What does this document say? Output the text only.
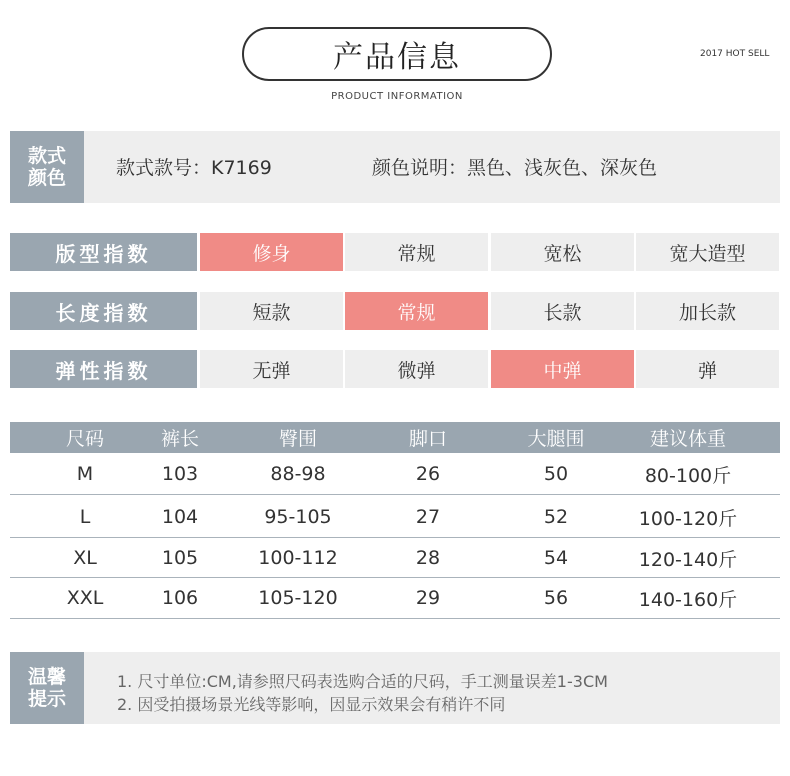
产品信息
PRODUCT INFORMATION
2017 HOT SELL
款式
颜色	款式款号：K7169	颜色说明：黑色、浅灰色、深灰色
版型指数	修身	常规	宽松	宽大造型
长度指数	短款	常规	长款	加长款
弹性指数	无弹	微弹	中弹	弹
尺码	裤长	臀围	脚口	大腿围	建议体重
M	103	88-98	26	50	80-100斤
L	104	95-105	27	52	100-120斤
XL	105	100-112	28	54	120-140斤
XXL	106	105-120	29	56	140-160斤
温馨
提示
1. 尺寸单位:CM,请参照尺码表选购合适的尺码，手工测量误差1-3CM
2. 因受拍摄场景光线等影响，因显示效果会有稍许不同
